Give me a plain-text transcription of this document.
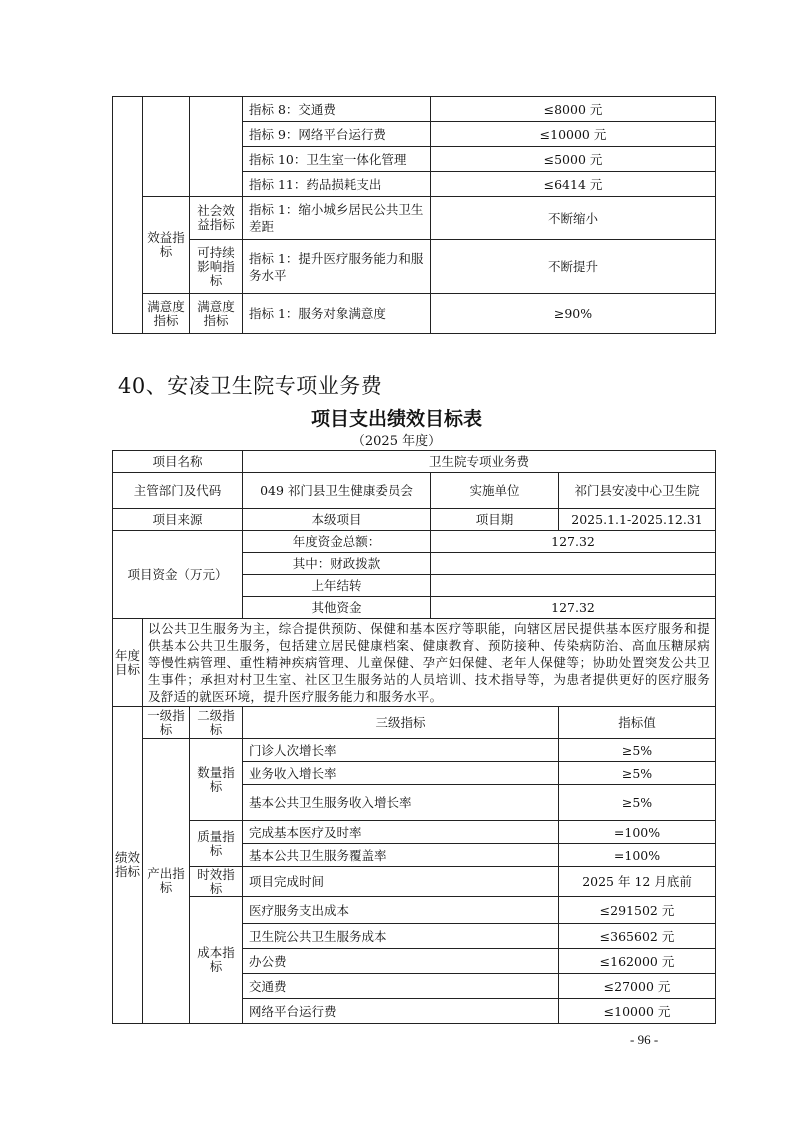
			指标 8：交通费	≤8000 元
			指标 9：网络平台运行费	≤10000 元
			指标 10：卫生室一体化管理	≤5000 元
			指标 11：药品损耗支出	≤6414 元
	效益指标	社会效益指标	指标 1：缩小城乡居民公共卫生差距	不断缩小
		可持续影响指标	指标 1：提升医疗服务能力和服务水平	不断提升
	满意度指标	满意度指标	指标 1：服务对象满意度	≥90%
40、安凌卫生院专项业务费
项目支出绩效目标表
（2025 年度）
项目名称			卫生院专项业务费		
主管部门及代码			049 祁门县卫生健康委员会	实施单位	祁门县安凌中心卫生院
项目来源			本级项目	项目期	2025.1.1-2025.12.31
项目资金（万元）			年度资金总额：	127.32	
			其中：财政拨款		
			上年结转		
			其他资金	127.32	
年度目标	以公共卫生服务为主，综合提供预防、保健和基本医疗等职能，向辖区居民提供基本医疗服务和提供基本公共卫生服务，包括建立居民健康档案、健康教育、预防接种、传染病防治、高血压糖尿病等慢性病管理、重性精神疾病管理、儿童保健、孕产妇保健、老年人保健等；协助处置突发公共卫生事件；承担对村卫生室、社区卫生服务站的人员培训、技术指导等，为患者提供更好的医疗服务及舒适的就医环境，提升医疗服务能力和服务水平。				
绩效指标	一级指标	二级指标	三级指标		指标值
	产出指标	数量指标	门诊人次增长率		≥5%
			业务收入增长率		≥5%
			基本公共卫生服务收入增长率		≥5%
		质量指标	完成基本医疗及时率		=100%
			基本公共卫生服务覆盖率		=100%
		时效指标	项目完成时间		2025 年 12 月底前
		成本指标	医疗服务支出成本		≤291502 元
			卫生院公共卫生服务成本		≤365602 元
			办公费		≤162000 元
			交通费		≤27000 元
			网络平台运行费		≤10000 元
- 96 -
